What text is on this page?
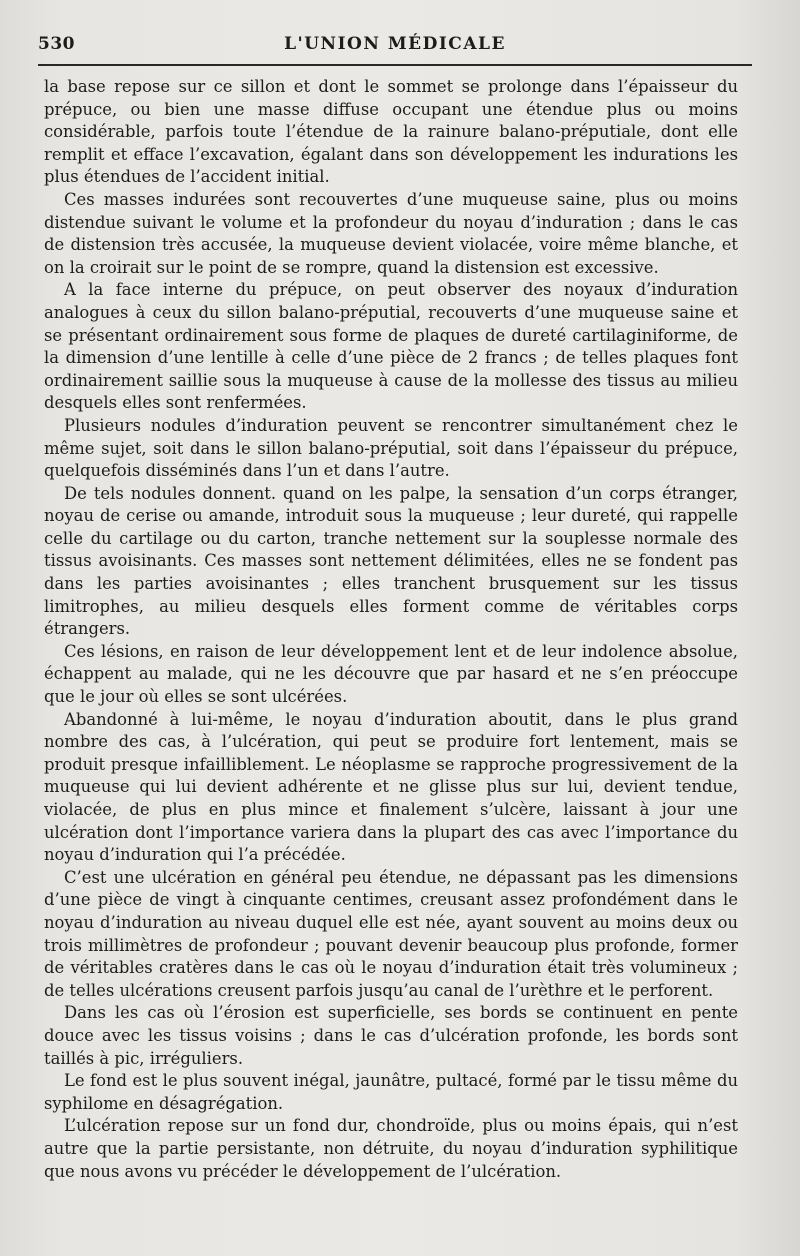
530	L'UNION MÉDICALE

la base repose sur ce sillon et dont le sommet se prolonge dans l’épaisseur du prépuce, ou bien une masse diffuse occupant une étendue plus ou moins considérable, parfois toute l’étendue de la rainure balano-préputiale, dont elle remplit et efface l’excavation, égalant dans son développement les indurations les plus étendues de l’accident initial.

Ces masses indurées sont recouvertes d’une muqueuse saine, plus ou moins distendue suivant le volume et la profondeur du noyau d’induration ; dans le cas de distension très accusée, la muqueuse devient violacée, voire même blanche, et on la croirait sur le point de se rompre, quand la distension est excessive.

A la face interne du prépuce, on peut observer des noyaux d’induration analogues à ceux du sillon balano-préputial, recouverts d’une muqueuse saine et se présentant ordinairement sous forme de plaques de dureté cartilaginiforme, de la dimension d’une lentille à celle d’une pièce de 2 francs ; de telles plaques font ordinairement saillie sous la muqueuse à cause de la mollesse des tissus au milieu desquels elles sont renfermées.

Plusieurs nodules d’induration peuvent se rencontrer simultanément chez le même sujet, soit dans le sillon balano-préputial, soit dans l’épaisseur du prépuce, quelquefois disséminés dans l’un et dans l’autre.

De tels nodules donnent. quand on les palpe, la sensation d’un corps étranger, noyau de cerise ou amande, introduit sous la muqueuse ; leur dureté, qui rappelle celle du cartilage ou du carton, tranche nettement sur la souplesse normale des tissus avoisinants. Ces masses sont nettement délimitées, elles ne se fondent pas dans les parties avoisinantes ; elles tranchent brusquement sur les tissus limitrophes, au milieu desquels elles forment comme de véritables corps étrangers.

Ces lésions, en raison de leur développement lent et de leur indolence absolue, échappent au malade, qui ne les découvre que par hasard et ne s’en préoccupe que le jour où elles se sont ulcérées.

Abandonné à lui-même, le noyau d’induration aboutit, dans le plus grand nombre des cas, à l’ulcération, qui peut se produire fort lentement, mais se produit presque infailliblement. Le néoplasme se rapproche progressivement de la muqueuse qui lui devient adhérente et ne glisse plus sur lui, devient tendue, violacée, de plus en plus mince et finalement s’ulcère, laissant à jour une ulcération dont l’importance variera dans la plupart des cas avec l’importance du noyau d’induration qui l’a précédée.

C’est une ulcération en général peu étendue, ne dépassant pas les dimensions d’une pièce de vingt à cinquante centimes, creusant assez profondément dans le noyau d’induration au niveau duquel elle est née, ayant souvent au moins deux ou trois millimètres de profondeur ; pouvant devenir beaucoup plus profonde, former de véritables cratères dans le cas où le noyau d’induration était très volumineux ; de telles ulcérations creusent parfois jusqu’au canal de l’urèthre et le perforent.

Dans les cas où l’érosion est superficielle, ses bords se continuent en pente douce avec les tissus voisins ; dans le cas d’ulcération profonde, les bords sont taillés à pic, irréguliers.

Le fond est le plus souvent inégal, jaunâtre, pultacé, formé par le tissu même du syphilome en désagrégation.

L’ulcération repose sur un fond dur, chondroïde, plus ou moins épais, qui n’est autre que la partie persistante, non détruite, du noyau d’induration syphilitique que nous avons vu précéder le développement de l’ulcération.
